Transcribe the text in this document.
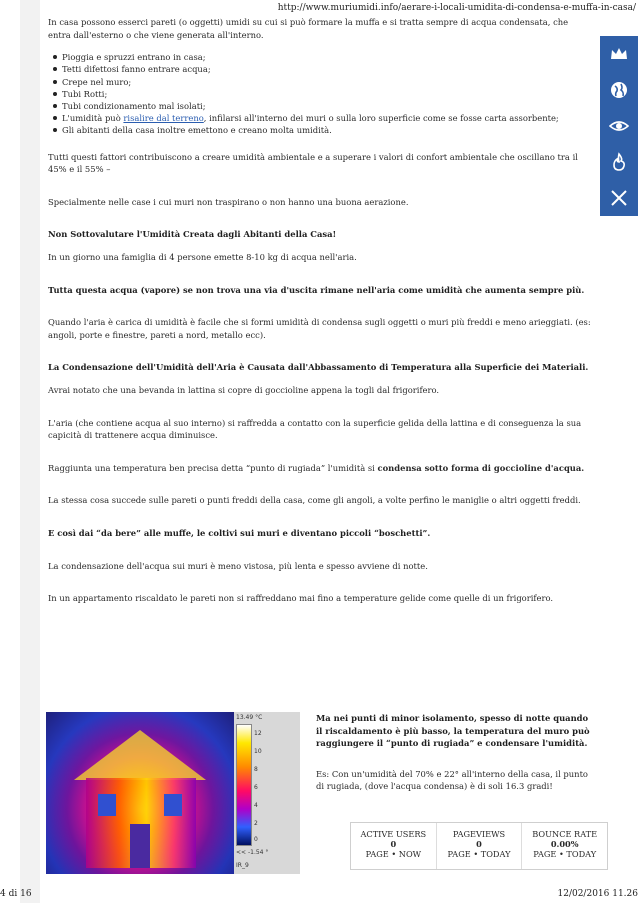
http://www.muriumidi.info/aerare-i-locali-umidita-di-condensa-e-muffa-in-casa/

In casa possono esserci pareti (o oggetti) umidi su cui si può formare la muffa e si tratta sempre di acqua condensata, che entra dall'esterno o che viene generata all'interno.

Pioggia e spruzzi entrano in casa;
Tetti difettosi fanno entrare acqua;
Crepe nel muro;
Tubi Rotti;
Tubi condizionamento mal isolati;
L'umidità può risalire dal terreno, infilarsi all'interno dei muri o sulla loro superficie come se fosse carta assorbente;
Gli abitanti della casa inoltre emettono e creano molta umidità.

Tutti questi fattori contribuiscono a creare umidità ambientale e a superare i valori di confort ambientale che oscillano tra il 45% e il 55% –

Specialmente nelle case i cui muri non traspirano o non hanno una buona aerazione.

Non Sottovalutare l'Umidità Creata dagli Abitanti della Casa!

In un giorno una famiglia di 4 persone emette 8-10 kg di acqua nell'aria.

Tutta questa acqua (vapore) se non trova una via d'uscita rimane nell'aria come umidità che aumenta sempre più.

Quando l'aria è carica di umidità è facile che si formi umidità di condensa sugli oggetti o muri più freddi e meno arieggiati. (es: angoli, porte e finestre, pareti a nord, metallo ecc).

La Condensazione dell'Umidità dell'Aria è Causata dall'Abbassamento di Temperatura alla Superficie dei Materiali.

Avrai notato che una bevanda in lattina si copre di goccioline appena la togli dal frigorifero.

L'aria (che contiene acqua al suo interno) si raffredda a contatto con la superficie gelida della lattina e di conseguenza la sua capicità di trattenere acqua diminuisce.

Raggiunta una temperatura ben precisa detta “punto di rugiada” l'umidità si condensa sotto forma di goccioline d'acqua.

La stessa cosa succede sulle pareti o punti freddi della casa, come gli angoli, a volte perfino le maniglie o altri oggetti freddi.

E così dai “da bere” alle muffe, le coltivi sui muri e diventano piccoli “boschetti”.

La condensazione dell'acqua sui muri è meno vistosa, più lenta e spesso avviene di notte.

In un appartamento riscaldato le pareti non si raffreddano mai fino a temperature gelide come quelle di un frigorifero.

13.49 °C
12
10
8
6
4
2
0
<< -1.54 °
IR_9

Ma nei punti di minor isolamento, spesso di notte quando il riscaldamento è più basso, la temperatura del muro può raggiungere il “punto di rugiada” e condensare l'umidità.

Es: Con un'umidità del 70% e 22° all'interno della casa, il punto di rugiada, (dove l'acqua condensa) è di soli 16.3 gradi!

ACTIVE USERS
0
PAGE • NOW
PAGEVIEWS
0
PAGE • TODAY
BOUNCE RATE
0.00%
PAGE • TODAY
4 di 16	12/02/2016 11.26
